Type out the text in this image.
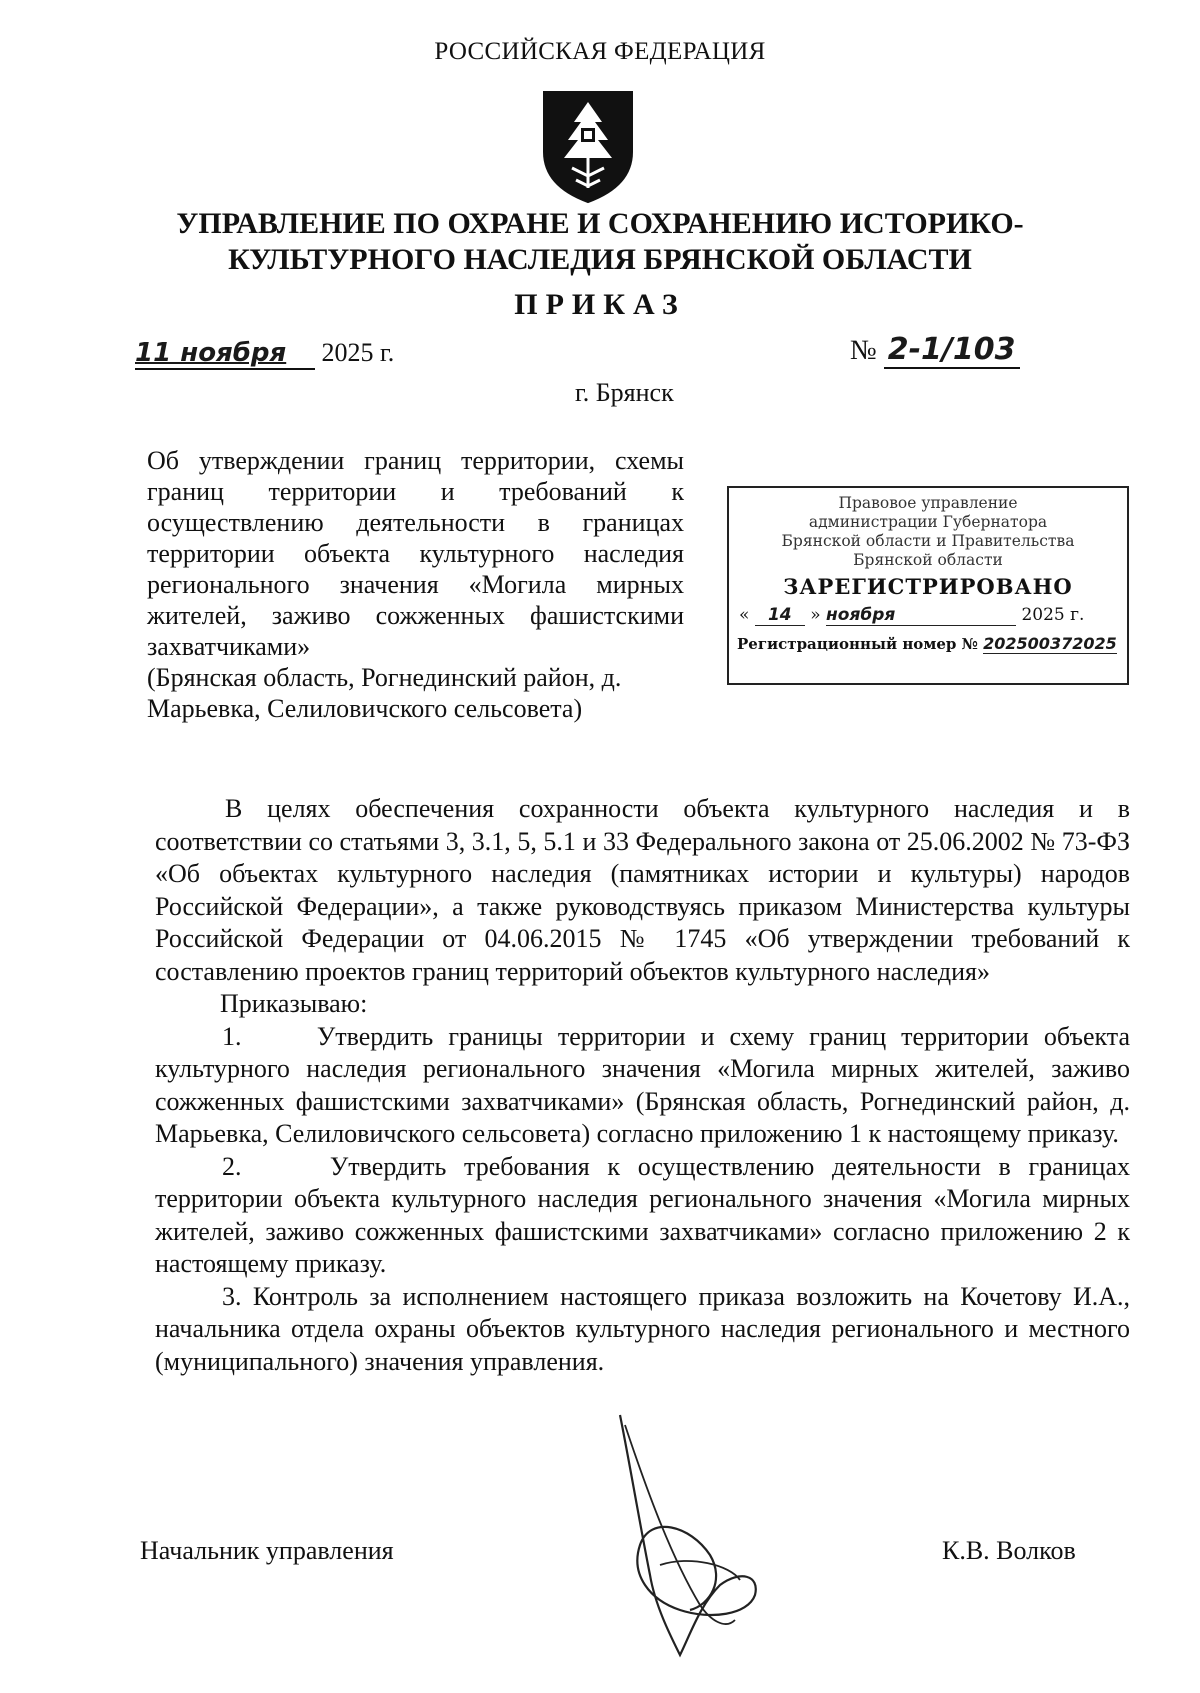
РОССИЙСКАЯ ФЕДЕРАЦИЯ
УПРАВЛЕНИЕ ПО ОХРАНЕ И СОХРАНЕНИЮ ИСТОРИКО-
КУЛЬТУРНОГО НАСЛЕДИЯ БРЯНСКОЙ ОБЛАСТИ
ПРИКАЗ
11 ноября 2025 г.	№ 2-1/103
г. Брянск

Об утверждении границ территории, схемы границ территории и требований к осуществлению деятельности в границах территории объекта культурного наследия регионального значения «Могила мирных жителей, заживо сожженных фашистскими захватчиками»

(Брянская область, Рогнединский район, д. Марьевка, Селиловичского сельсовета)

Правовое управление
администрации Губернатора
Брянской области и Правительства
Брянской области
ЗАРЕГИСТРИРОВАНО
« 14 » ноября	2025 г.
Регистрационный номер № 202500372025

В целях обеспечения сохранности объекта культурного наследия и в соответствии со статьями 3, 3.1, 5, 5.1 и 33 Федерального закона от 25.06.2002 № 73-ФЗ «Об объектах культурного наследия (памятниках истории и культуры) народов Российской Федерации», а также руководствуясь приказом Министерства культуры Российской Федерации от 04.06.2015 № 1745 «Об утверждении требований к составлению проектов границ территорий объектов культурного наследия»

Приказываю:

1.     Утвердить границы территории и схему границ территории объекта культурного наследия регионального значения «Могила мирных жителей, заживо сожженных фашистскими захватчиками» (Брянская область, Рогнединский район, д. Марьевка, Селиловичского сельсовета) согласно приложению 1 к настоящему приказу.

2.     Утвердить требования к осуществлению деятельности в границах территории объекта культурного наследия регионального значения «Могила мирных жителей, заживо сожженных фашистскими захватчиками» согласно приложению 2 к настоящему приказу.

3. Контроль за исполнением настоящего приказа возложить на Кочетову И.А., начальника отдела охраны объектов культурного наследия регионального и местного (муниципального) значения управления.

Начальник управления	К.В. Волков
